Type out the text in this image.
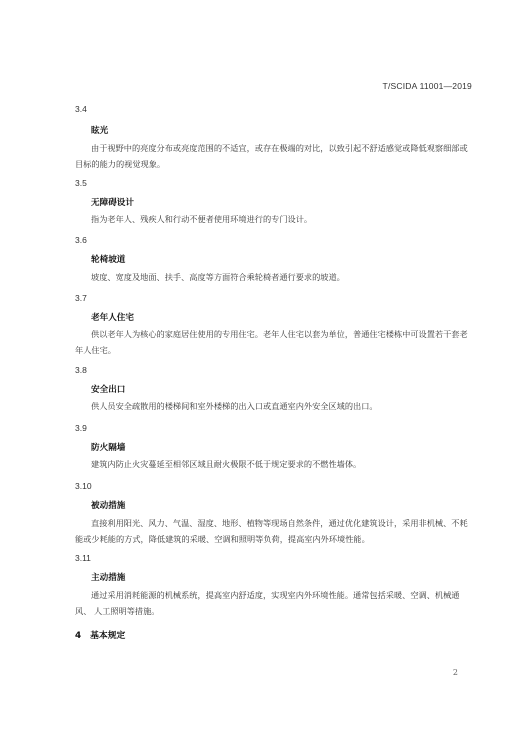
T/SCIDA 11001—2019
3.4
眩光
由于视野中的亮度分布或亮度范围的不适宜，或存在极端的对比，以致引起不舒适感觉或降低观察细部或目标的能力的视觉现象。
3.5
无障碍设计
指为老年人、残疾人和行动不便者使用环境进行的专门设计。
3.6
轮椅坡道
坡度、宽度及地面、扶手、高度等方面符合乘轮椅者通行要求的坡道。
3.7
老年人住宅
供以老年人为核心的家庭居住使用的专用住宅。老年人住宅以套为单位，普通住宅楼栋中可设置若干套老年人住宅。
3.8
安全出口
供人员安全疏散用的楼梯间和室外楼梯的出入口或直通室内外安全区域的出口。
3.9
防火隔墙
建筑内防止火灾蔓延至相邻区域且耐火极限不低于规定要求的不燃性墙体。
3.10
被动措施
直接利用阳光、风力、气温、湿度、地形、植物等现场自然条件，通过优化建筑设计，采用非机械、不耗能或少耗能的方式，降低建筑的采暖、空调和照明等负荷，提高室内外环境性能。
3.11
主动措施
通过采用消耗能源的机械系统，提高室内舒适度，实现室内外环境性能。通常包括采暖、空调、机械通风、 人工照明等措施。
4 基本规定
2
